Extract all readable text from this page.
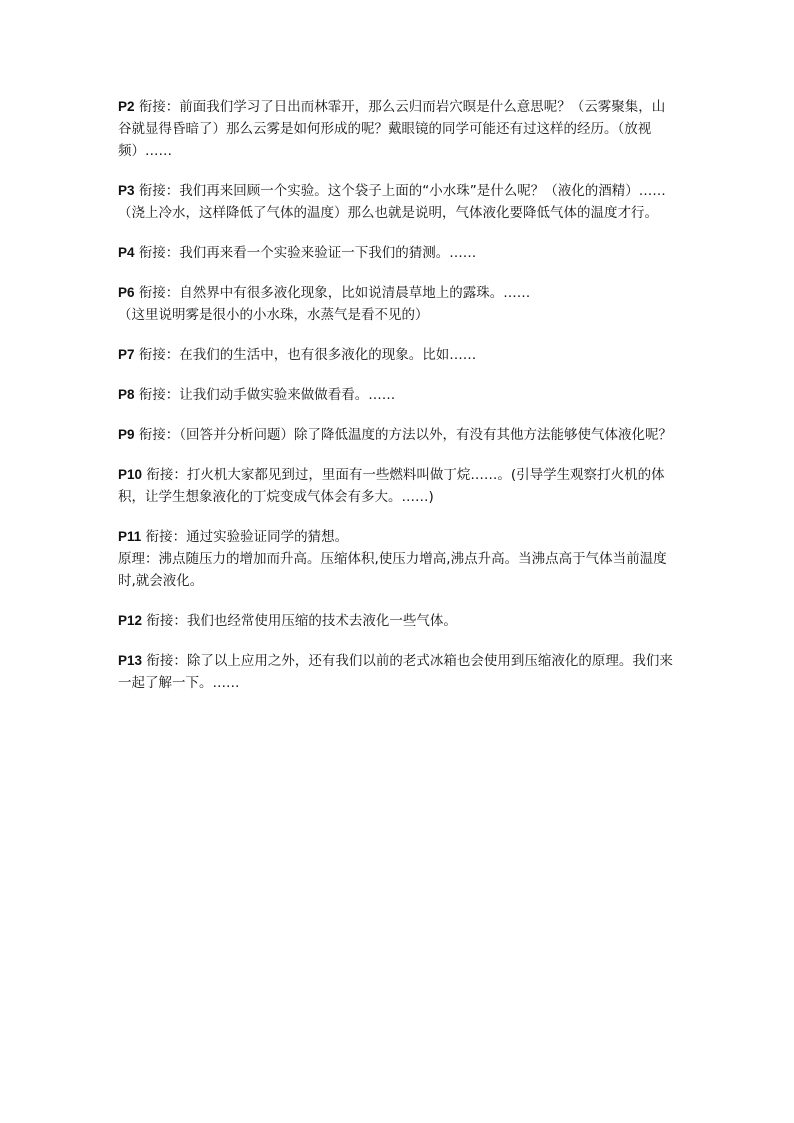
P2 衔接：前面我们学习了日出而林霏开，那么云归而岩穴暝是什么意思呢？（云雾聚集，山谷就显得昏暗了）那么云雾是如何形成的呢？戴眼镜的同学可能还有过这样的经历。（放视频）……

P3 衔接：我们再来回顾一个实验。这个袋子上面的“小水珠”是什么呢？（液化的酒精）……
（浇上冷水，这样降低了气体的温度）那么也就是说明，气体液化要降低气体的温度才行。

P4 衔接：我们再来看一个实验来验证一下我们的猜测。……

P6 衔接：自然界中有很多液化现象，比如说清晨草地上的露珠。……
（这里说明雾是很小的小水珠，水蒸气是看不见的）

P7 衔接：在我们的生活中，也有很多液化的现象。比如……

P8 衔接：让我们动手做实验来做做看看。……

P9 衔接：（回答并分析问题）除了降低温度的方法以外，有没有其他方法能够使气体液化呢？

P10 衔接：打火机大家都见到过，里面有一些燃料叫做丁烷……。(引导学生观察打火机的体积，让学生想象液化的丁烷变成气体会有多大。……)

P11 衔接：通过实验验证同学的猜想。
原理：沸点随压力的增加而升高。压缩体积,使压力增高,沸点升高。当沸点高于气体当前温度时,就会液化。

P12 衔接：我们也经常使用压缩的技术去液化一些气体。

P13 衔接：除了以上应用之外，还有我们以前的老式冰箱也会使用到压缩液化的原理。我们来一起了解一下。……
